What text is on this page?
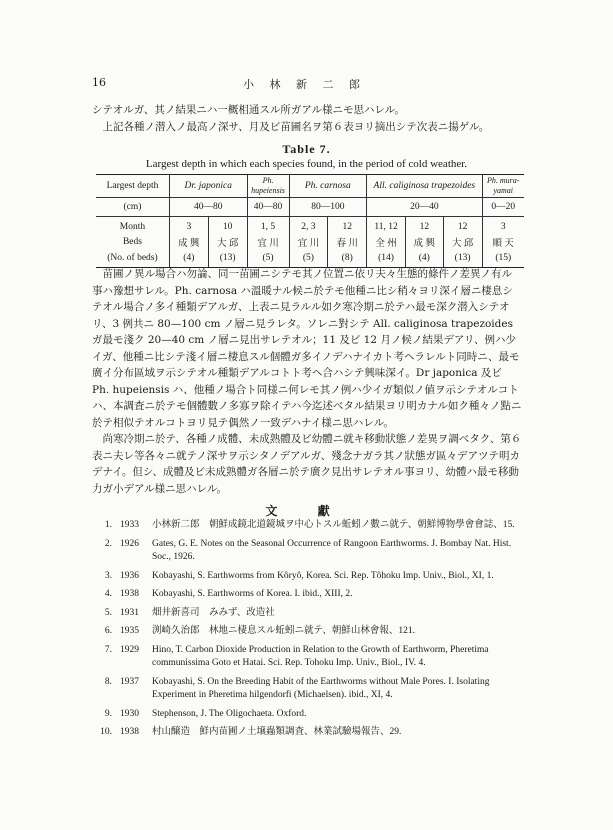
16	小 林 新 二 郎

シテオルガ、其ノ結果ニハ一概相通スル所ガアル様ニモ思ハレル。

上記各種ノ潜入ノ最高ノ深サ、月及ビ苗圃名ヲ第６表ヨリ摘出シテ次表ニ揚ゲル。

Table 7.
Largest depth in which each species found, in the period of cold weather.
Largest depth	Dr. japonica		Ph. hupeiensis	Ph. carnosa		All. caliginosa trapezoides			Ph. mura-yamai
(cm)	40—80		40—80	80—100		20—40			0—20
Month	3	10	1, 5	2, 3	12	11, 12	12	12	3
Beds	成 興	大 邱	宜 川	宜 川	春 川	全 州	成 興	大 邱	順 天
(No. of beds)	(4)	(13)	(5)	(5)	(8)	(14)	(4)	(13)	(15)

苗圃ノ異ル場合ハ勿論、同一苗圃ニシテモ其ノ位置ニ依リ夫々生態的條件ノ差異ノ有ル事ハ豫想サレル。Ph. carnosa ハ溫暖ナル候ニ於テモ他種ニ比シ稍々ヨリ深イ層ニ棲息シテオル場合ノ多イ種類デアルガ、上表ニ見ラルル如ク寒冷期ニ於テハ最モ深ク潜入シテオリ、3 例共ニ 80—100 cm ノ層ニ見ラレタ。ソレニ對シテ All. caliginosa trapezoides ガ最モ淺ク 20—40 cm ノ層ニ見出サレテオル；11 及ビ 12 月ノ候ノ結果デアリ、例ハ少イガ、他種ニ比シテ淺イ層ニ棲息スル個體ガ多イノデハナイカト考ヘラレルト同時ニ、最モ廣イ分布區域ヲ示シテオル種類デアルコトト考ヘ合ハシテ興味深イ。Dr japonica 及ビ Ph. hupeiensis ハ、他種ノ場合ト同様ニ何レモ其ノ例ハ少イガ類似ノ値ヲ示シテオルコトハ、本調査ニ於テモ個體數ノ多寡ヲ除イテハ今迄述ベタル結果ヨリ明カナル如ク種々ノ點ニ於テ相似テオルコトヨリ見テ偶然ノ一致デハナイ様ニ思ハレル。

尚寒冷期ニ於テ、各種ノ成體、未成熟體及ビ幼體ニ就キ移動狀態ノ差異ヲ調ベタク、第６表ニ夫レ等各々ニ就テノ深サヲ示シタノデアルガ、殘念ナガラ其ノ狀態ガ區々デアツテ明カデナイ。但シ、成體及ビ未成熟體ガ各層ニ於テ廣ク見出サレテオル事ヨリ、幼體ハ最モ移動力ガ小デアル様ニ思ハレル。

文 獻
1. 1933 小林新二郎　朝鮮成鏡北道鏡城ヲ中心トスル蚯蚓ノ數ニ就テ、朝鮮博物學會會誌、15.
2. 1926 Gates, G. E. Notes on the Seasonal Occurrence of Rangoon Earthworms. J. Bombay Nat. Hist. Soc., 1926.
3. 1936 Kobayashi, S. Earthworms from Kôryô, Korea. Sci. Rep. Tôhoku Imp. Univ., Biol., XI, 1.
4. 1938 Kobayashi, S. Earthworms of Korea. I. ibid., XIII, 2.
5. 1931 畑井新喜司　みみず、改造社
6. 1935 渕崎久治郎　林地ニ棲息スル蚯蚓ニ就テ、朝鮮山林會報、121.
7. 1929 Hino, T. Carbon Dioxide Production in Relation to the Growth of Earthworm, Pheretima communissima Goto et Hatai. Sci. Rep. Tohoku Imp. Univ., Biol., IV. 4.
8. 1937 Kobayashi, S. On the Breeding Habit of the Earthworms without Male Pores. I. Isolating Experiment in Pheretima hilgendorfi (Michaelsen). ibid., XI, 4.
9. 1930 Stephenson, J. The Oligochaeta. Oxford.
10. 1938 村山醸造　鮮内苗圃ノ土壌蟲類調査、林業試驗場報告、29.
